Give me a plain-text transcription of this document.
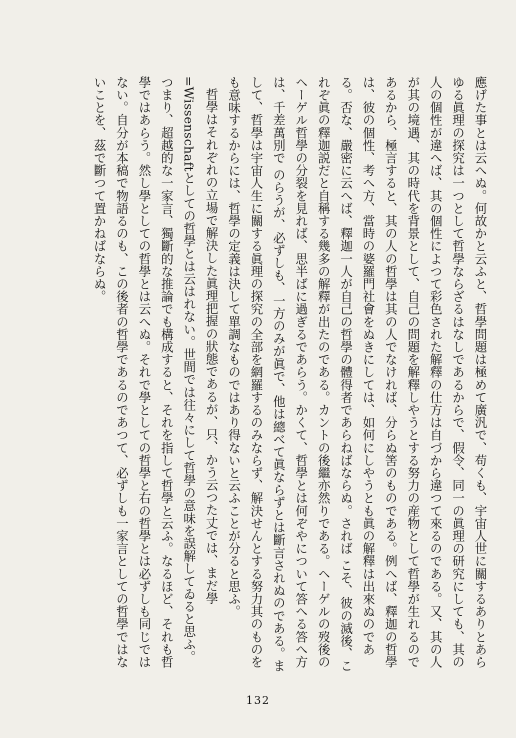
應げた事とは云へぬ。何故かと云ふと、哲學問題は極めて廣汎で、苟くも、宇宙人世に關するありとあらゆる眞理の探究は一つとして哲學ならざるはなしであるからで、假令、同一の眞理の研究にしても、其の人の個性が違へば、其の個性によつて彩色された解釋の仕方は自づから違つて來るのである。又、其の人が其の境遇、其の時代を背景として、自己の問題を解釋しやうとする努力の産物として哲學が生れるのであるから、極言すると、其の人の哲學は其の人でなければ、分らぬ筈のものである。例へば、釋迦の哲學は、彼の個性、考へ方、當時の婆羅門社會をぬきにしては、如何にしやうとも眞の解釋は出來ぬのである。否な、嚴密に云へば、釋迦一人が自己の哲學の體得者であらねばならぬ。されば こそ、彼の滅後、これぞ眞の釋迦説だと自稱する幾多の解釋が出たのである。カントの後繼亦然りである。ヘーゲルの歿後のヘーゲル哲學の分裂を見れば、思半ばに過ぎるであらう。かくて、哲學とは何ぞやについて答へる答へ方は、千差萬別で のらうが、必ずしも、一方のみが眞で、他は總べて眞ならずとは斷言されぬのである。まして、哲學は宇宙人生に關する眞理の探究の全部を網羅するのみならず、解決せんとする努力其のものをも意味するからには、哲學の定義は決して單調なものではあり得ないと云ふことが分ると思ふ。

哲學はそれぞれの立場で解決した眞理把握の狀態であるが、只、かう云つた丈では、まだ學=Wissenschaftとしての哲學とは云はれない。世間では往々にして哲學の意味を誤解してゐると思ふ。つまり、超越的な一家言、獨斷的な推論でも構成すると、それを指して哲學と云ふ。なるほど、それも哲學ではあらう。然し學としての哲學とは云へぬ。それで學としての哲學と右の哲學とは必ずしも同じではない。自分が本稿で物語るのも、この後者の哲學であるのであつて、必ずしも一家言としての哲學ではないことを、茲で斷つて置かねばならぬ。

132
